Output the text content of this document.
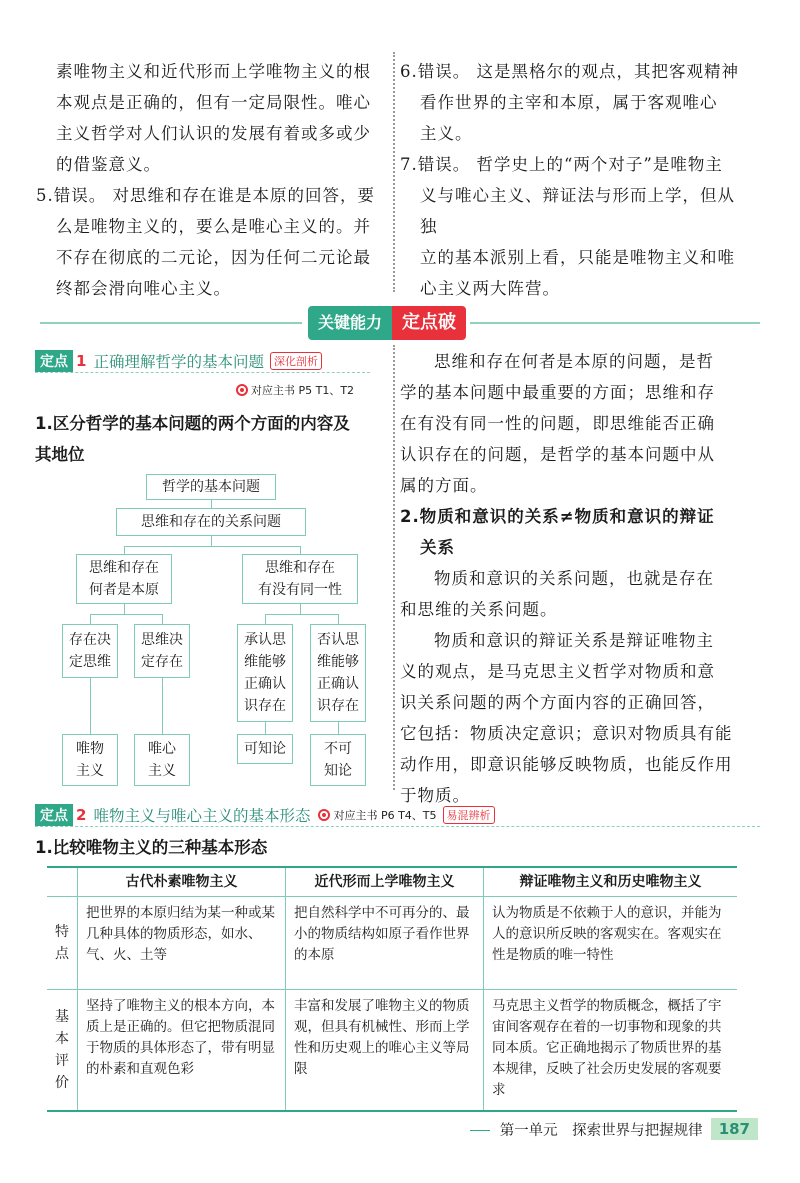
素唯物主义和近代形而上学唯物主义的根
本观点是正确的，但有一定局限性。唯心
主义哲学对人们认识的发展有着或多或少
的借鉴意义。

5.错误。 对思维和存在谁是本原的回答，要
么是唯物主义的，要么是唯心主义的。并
不存在彻底的二元论，因为任何二元论最
终都会滑向唯心主义。

6.错误。 这是黑格尔的观点，其把客观精神
看作世界的主宰和本原，属于客观唯心
主义。

7.错误。 哲学史上的“两个对子”是唯物主
义与唯心主义、辩证法与形而上学，但从独
立的基本派别上看，只能是唯物主义和唯
心主义两大阵营。

关键能力	定点破
定点 1 正确理解哲学的基本问题 深化剖析
对应主书 P5 T1、T2
1.区分哲学的基本问题的两个方面的内容及
其地位
哲学的基本问题
思维和存在的关系问题
思维和存在
何者是本原
思维和存在
有没有同一性
存在决
定思维
思维决
定存在
承认思
维能够
正确认
识存在
否认思
维能够
正确认
识存在
唯物
主义
唯心
主义
可知论	不可
知论

思维和存在何者是本原的问题，是哲
学的基本问题中最重要的方面；思维和存
在有没有同一性的问题，即思维能否正确
认识存在的问题，是哲学的基本问题中从
属的方面。

2.物质和意识的关系≠物质和意识的辩证
关系

物质和意识的关系问题，也就是存在
和思维的关系问题。

物质和意识的辩证关系是辩证唯物主
义的观点，是马克思主义哲学对物质和意
识关系问题的两个方面内容的正确回答，
它包括：物质决定意识；意识对物质具有能
动作用，即意识能够反映物质，也能反作用
于物质。

定点 2 唯物主义与唯心主义的基本形态 对应主书 P6 T4、T5 易混辨析
1.比较唯物主义的三种基本形态
	古代朴素唯物主义	近代形而上学唯物主义	辩证唯物主义和历史唯物主义
特
点	把世界的本原归结为某一种或某几种具体的物质形态，如水、气、火、土等	把自然科学中不可再分的、最小的物质结构如原子看作世界的本原	认为物质是不依赖于人的意识，并能为人的意识所反映的客观实在。客观实在性是物质的唯一特性
基
本
评
价	坚持了唯物主义的根本方向，本质上是正确的。但它把物质混同于物质的具体形态了，带有明显的朴素和直观色彩	丰富和发展了唯物主义的物质观，但具有机械性、形而上学性和历史观上的唯心主义等局限	马克思主义哲学的物质概念，概括了宇宙间客观存在着的一切事物和现象的共同本质。它正确地揭示了物质世界的基本规律，反映了社会历史发展的客观要求
第一单元　探索世界与把握规律	187
